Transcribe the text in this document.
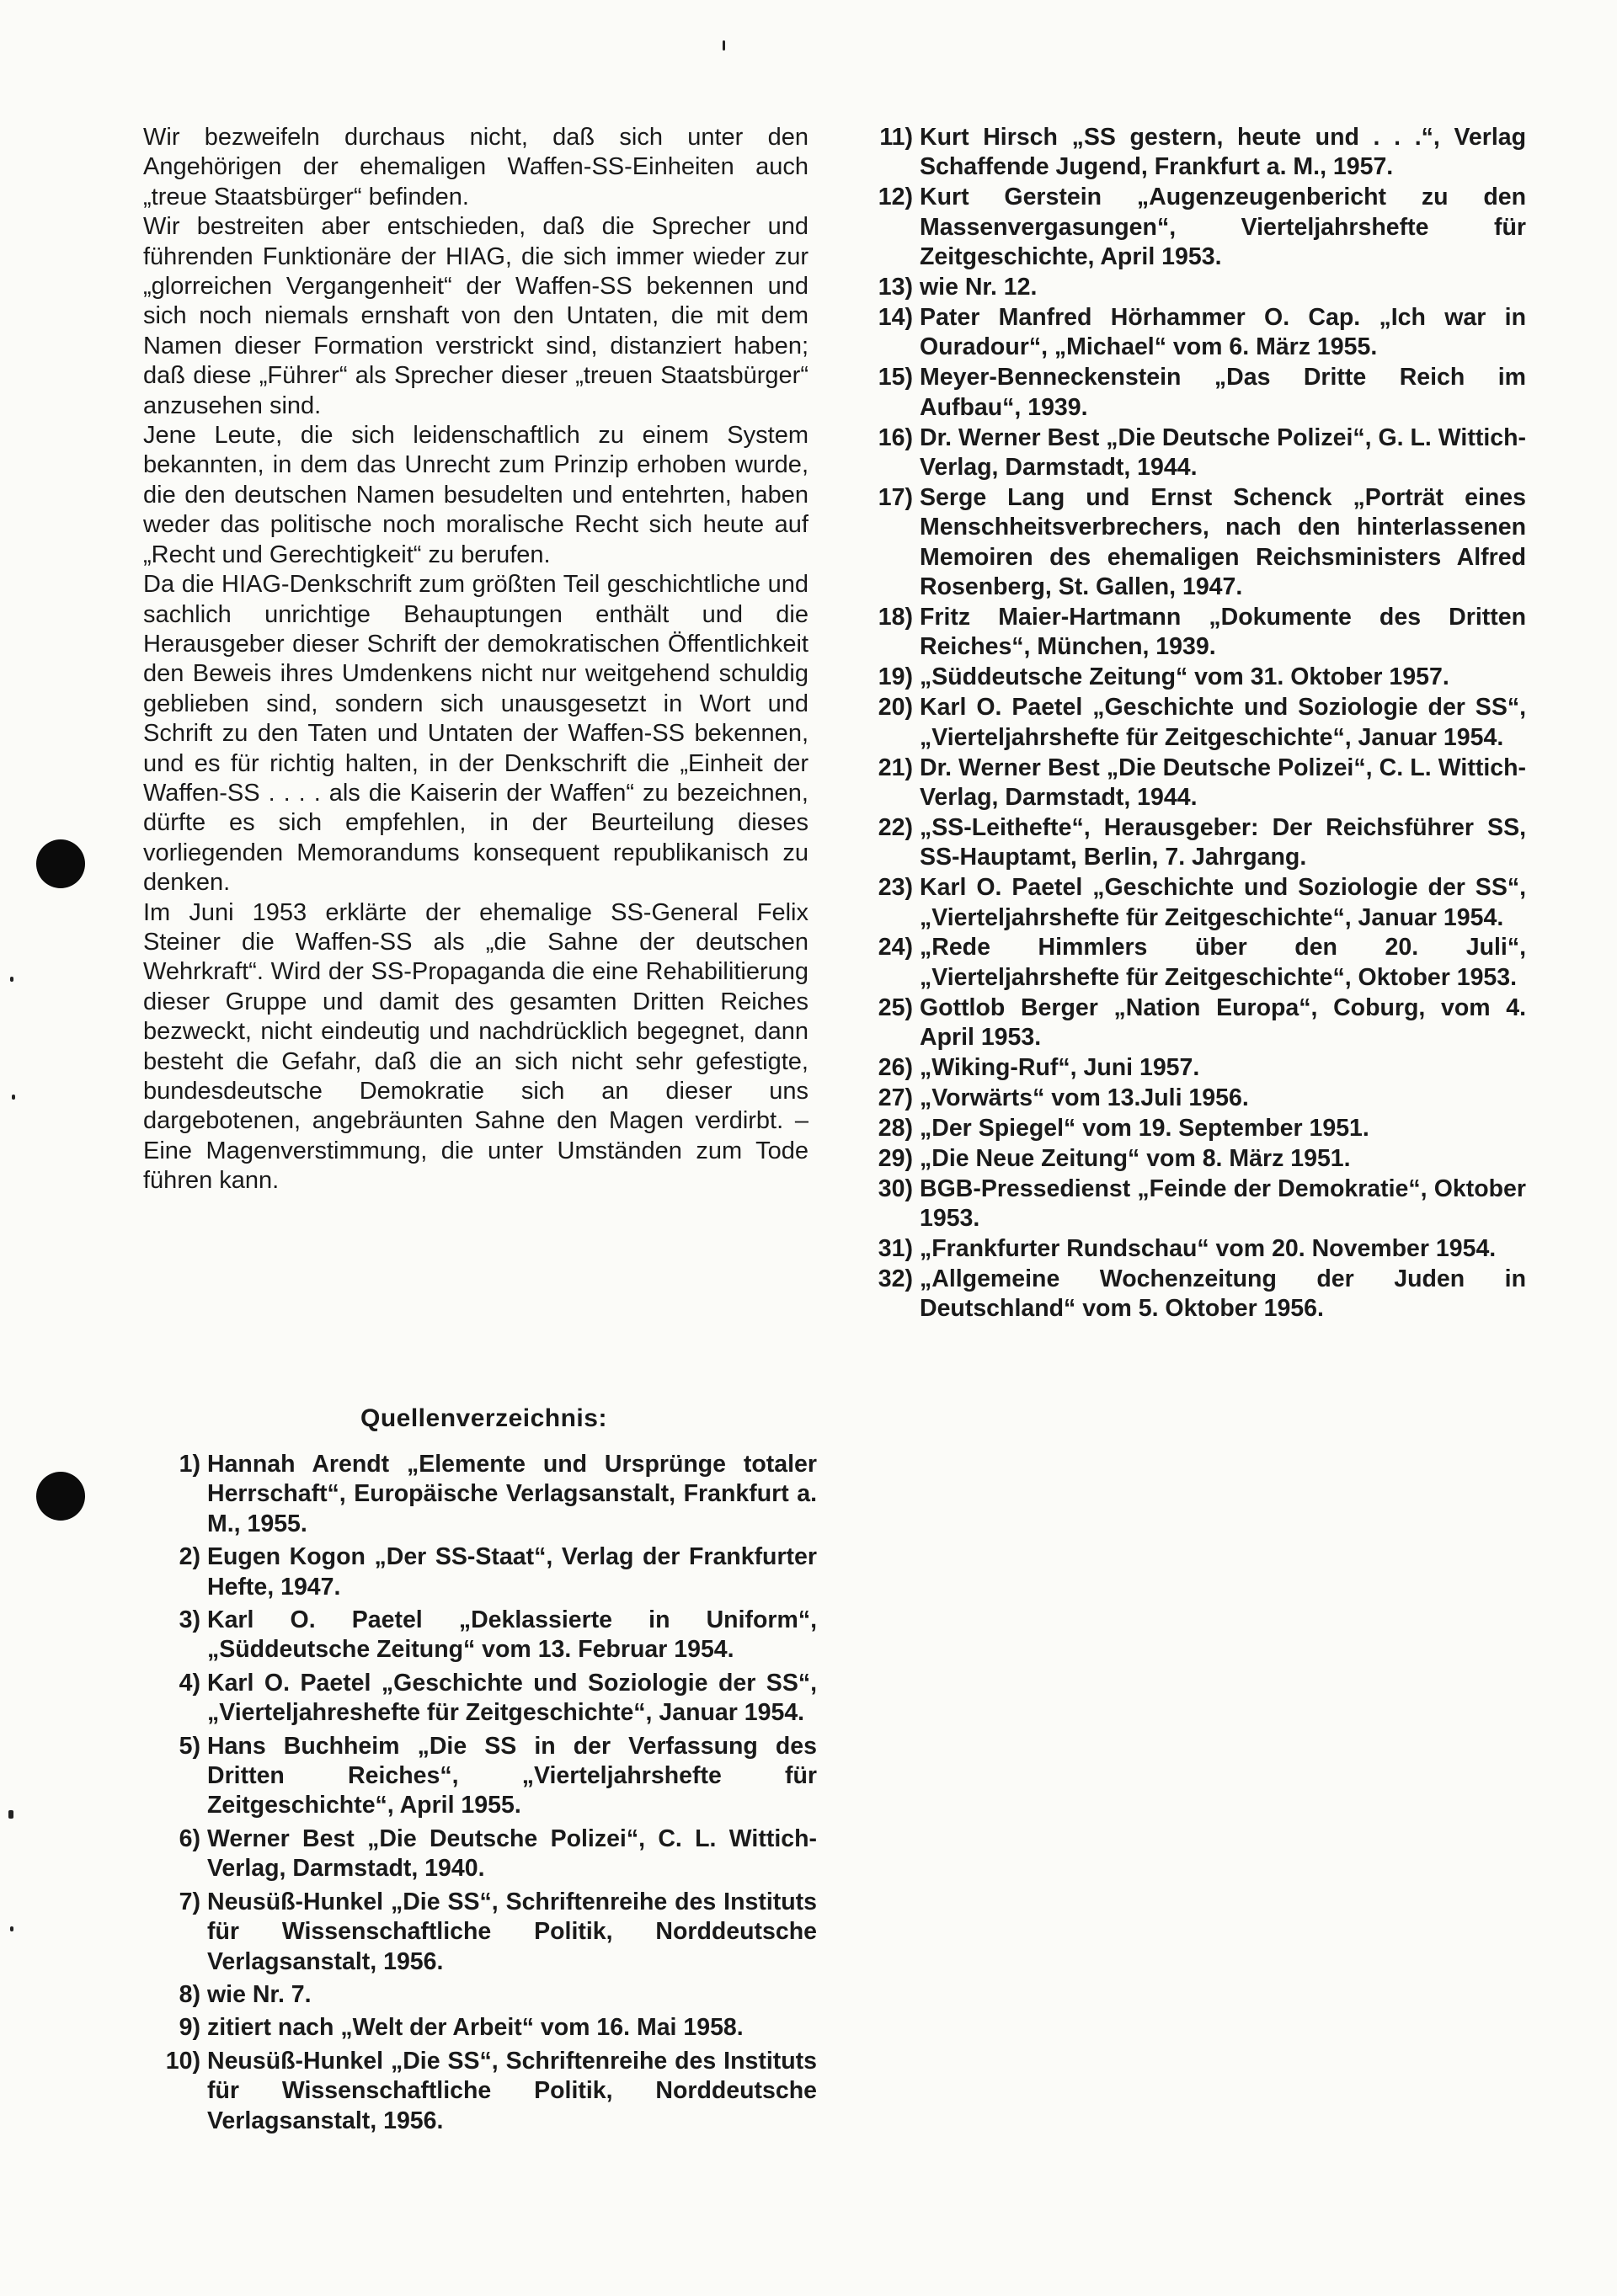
Wir bezweifeln durchaus nicht, daß sich unter den Angehörigen der ehemaligen Waffen-SS-Einheiten auch „treue Staatsbürger“ befinden.

Wir bestreiten aber entschieden, daß die Sprecher und führenden Funktionäre der HIAG, die sich immer wieder zur „glorreichen Vergangenheit“ der Waffen-SS bekennen und sich noch niemals ernshaft von den Untaten, die mit dem Namen dieser Formation verstrickt sind, distanziert haben; daß diese „Führer“ als Sprecher dieser „treuen Staatsbürger“ anzusehen sind.

Jene Leute, die sich leidenschaftlich zu einem System bekannten, in dem das Unrecht zum Prinzip erhoben wurde, die den deutschen Namen besudelten und entehrten, haben weder das politische noch moralische Recht sich heute auf „Recht und Gerechtigkeit“ zu berufen.

Da die HIAG-Denkschrift zum größten Teil geschichtliche und sachlich unrichtige Behauptungen enthält und die Herausgeber dieser Schrift der demokratischen Öffentlichkeit den Beweis ihres Umdenkens nicht nur weitgehend schuldig geblieben sind, sondern sich unausgesetzt in Wort und Schrift zu den Taten und Untaten der Waffen-SS bekennen, und es für richtig halten, in der Denkschrift die „Einheit der Waffen-SS . . . . als die Kaiserin der Waffen“ zu bezeichnen, dürfte es sich empfehlen, in der Beurteilung dieses vorliegenden Memorandums konsequent republikanisch zu denken.

Im Juni 1953 erklärte der ehemalige SS-General Felix Steiner die Waffen-SS als „die Sahne der deutschen Wehrkraft“. Wird der SS-Propaganda die eine Rehabilitierung dieser Gruppe und damit des gesamten Dritten Reiches bezweckt, nicht eindeutig und nachdrücklich begegnet, dann besteht die Gefahr, daß die an sich nicht sehr gefestigte, bundesdeutsche Demokratie sich an dieser uns dargebotenen, angebräunten Sahne den Magen verdirbt. – Eine Magenverstimmung, die unter Umständen zum Tode führen kann.

Quellenverzeichnis:
1) Hannah Arendt „Elemente und Ursprünge totaler Herrschaft“, Europäische Verlagsanstalt, Frankfurt a. M., 1955.
2) Eugen Kogon „Der SS-Staat“, Verlag der Frankfurter Hefte, 1947.
3) Karl O. Paetel „Deklassierte in Uniform“, „Süddeutsche Zeitung“ vom 13. Februar 1954.
4) Karl O. Paetel „Geschichte und Soziologie der SS“, „Vierteljahreshefte für Zeitgeschichte“, Januar 1954.
5) Hans Buchheim „Die SS in der Verfassung des Dritten Reiches“, „Vierteljahrshefte für Zeitgeschichte“, April 1955.
6) Werner Best „Die Deutsche Polizei“, C. L. Wittich-Verlag, Darmstadt, 1940.
7) Neusüß-Hunkel „Die SS“, Schriftenreihe des Instituts für Wissenschaftliche Politik, Norddeutsche Verlagsanstalt, 1956.
8) wie Nr. 7.
9) zitiert nach „Welt der Arbeit“ vom 16. Mai 1958.
10) Neusüß-Hunkel „Die SS“, Schriftenreihe des Instituts für Wissenschaftliche Politik, Norddeutsche Verlagsanstalt, 1956.
11) Kurt Hirsch „SS gestern, heute und . . .“, Verlag Schaffende Jugend, Frankfurt a. M., 1957.
12) Kurt Gerstein „Augenzeugenbericht zu den Massenvergasungen“, Vierteljahrshefte für Zeitgeschichte, April 1953.
13) wie Nr. 12.
14) Pater Manfred Hörhammer O. Cap. „Ich war in Ouradour“, „Michael“ vom 6. März 1955.
15) Meyer-Benneckenstein „Das Dritte Reich im Aufbau“, 1939.
16) Dr. Werner Best „Die Deutsche Polizei“, G. L. Wittich-Verlag, Darmstadt, 1944.
17) Serge Lang und Ernst Schenck „Porträt eines Menschheitsverbrechers, nach den hinterlassenen Memoiren des ehemaligen Reichsministers Alfred Rosenberg, St. Gallen, 1947.
18) Fritz Maier-Hartmann „Dokumente des Dritten Reiches“, München, 1939.
19) „Süddeutsche Zeitung“ vom 31. Oktober 1957.
20) Karl O. Paetel „Geschichte und Soziologie der SS“, „Vierteljahrshefte für Zeitgeschichte“, Januar 1954.
21) Dr. Werner Best „Die Deutsche Polizei“, C. L. Wittich-Verlag, Darmstadt, 1944.
22) „SS-Leithefte“, Herausgeber: Der Reichsführer SS, SS-Hauptamt, Berlin, 7. Jahrgang.
23) Karl O. Paetel „Geschichte und Soziologie der SS“, „Vierteljahrshefte für Zeitgeschichte“, Januar 1954.
24) „Rede Himmlers über den 20. Juli“, „Vierteljahrshefte für Zeitgeschichte“, Oktober 1953.
25) Gottlob Berger „Nation Europa“, Coburg, vom 4. April 1953.
26) „Wiking-Ruf“, Juni 1957.
27) „Vorwärts“ vom 13.Juli 1956.
28) „Der Spiegel“ vom 19. September 1951.
29) „Die Neue Zeitung“ vom 8. März 1951.
30) BGB-Pressedienst „Feinde der Demokratie“, Oktober 1953.
31) „Frankfurter Rundschau“ vom 20. November 1954.
32) „Allgemeine Wochenzeitung der Juden in Deutschland“ vom 5. Oktober 1956.
